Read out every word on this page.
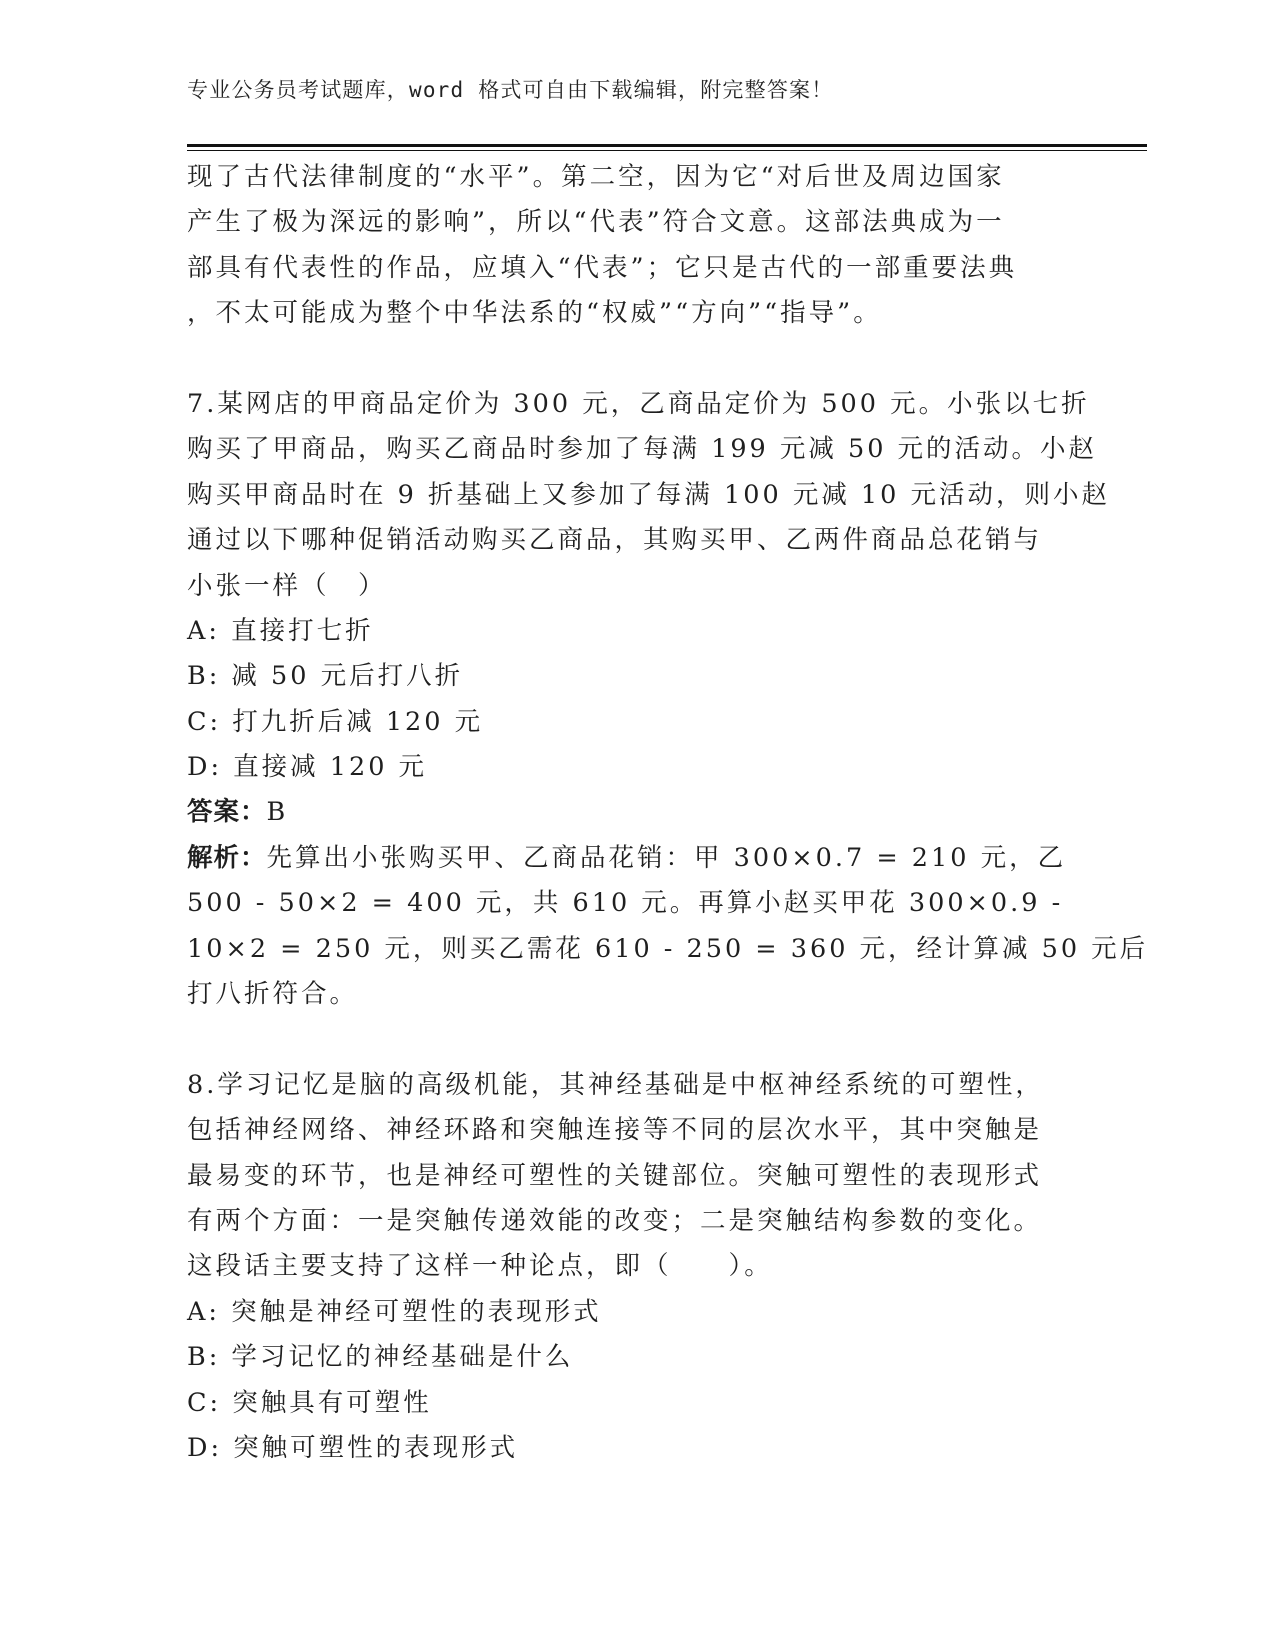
专业公务员考试题库，word 格式可自由下载编辑，附完整答案！
现了古代法律制度的“水平”。第二空，因为它“对后世及周边国家
产生了极为深远的影响”，所以“代表”符合文意。这部法典成为一
部具有代表性的作品，应填入“代表”；它只是古代的一部重要法典
，不太可能成为整个中华法系的“权威”“方向”“指导”。
7.某网店的甲商品定价为 300 元，乙商品定价为 500 元。小张以七折
购买了甲商品，购买乙商品时参加了每满 199 元减 50 元的活动。小赵
购买甲商品时在 9 折基础上又参加了每满 100 元减 10 元活动，则小赵
通过以下哪种促销活动购买乙商品，其购买甲、乙两件商品总花销与
小张一样（　）
A: 直接打七折
B: 减 50 元后打八折
C: 打九折后减 120 元
D: 直接减 120 元
答案：B
解析：先算出小张购买甲、乙商品花销：甲 300×0.7 = 210 元，乙
500 - 50×2 = 400 元，共 610 元。再算小赵买甲花 300×0.9 -
10×2 = 250 元，则买乙需花 610 - 250 = 360 元，经计算减 50 元后
打八折符合。
8.学习记忆是脑的高级机能，其神经基础是中枢神经系统的可塑性，
包括神经网络、神经环路和突触连接等不同的层次水平，其中突触是
最易变的环节，也是神经可塑性的关键部位。突触可塑性的表现形式
有两个方面：一是突触传递效能的改变；二是突触结构参数的变化。
这段话主要支持了这样一种论点，即（　　）。
A: 突触是神经可塑性的表现形式
B: 学习记忆的神经基础是什么
C: 突触具有可塑性
D: 突触可塑性的表现形式
